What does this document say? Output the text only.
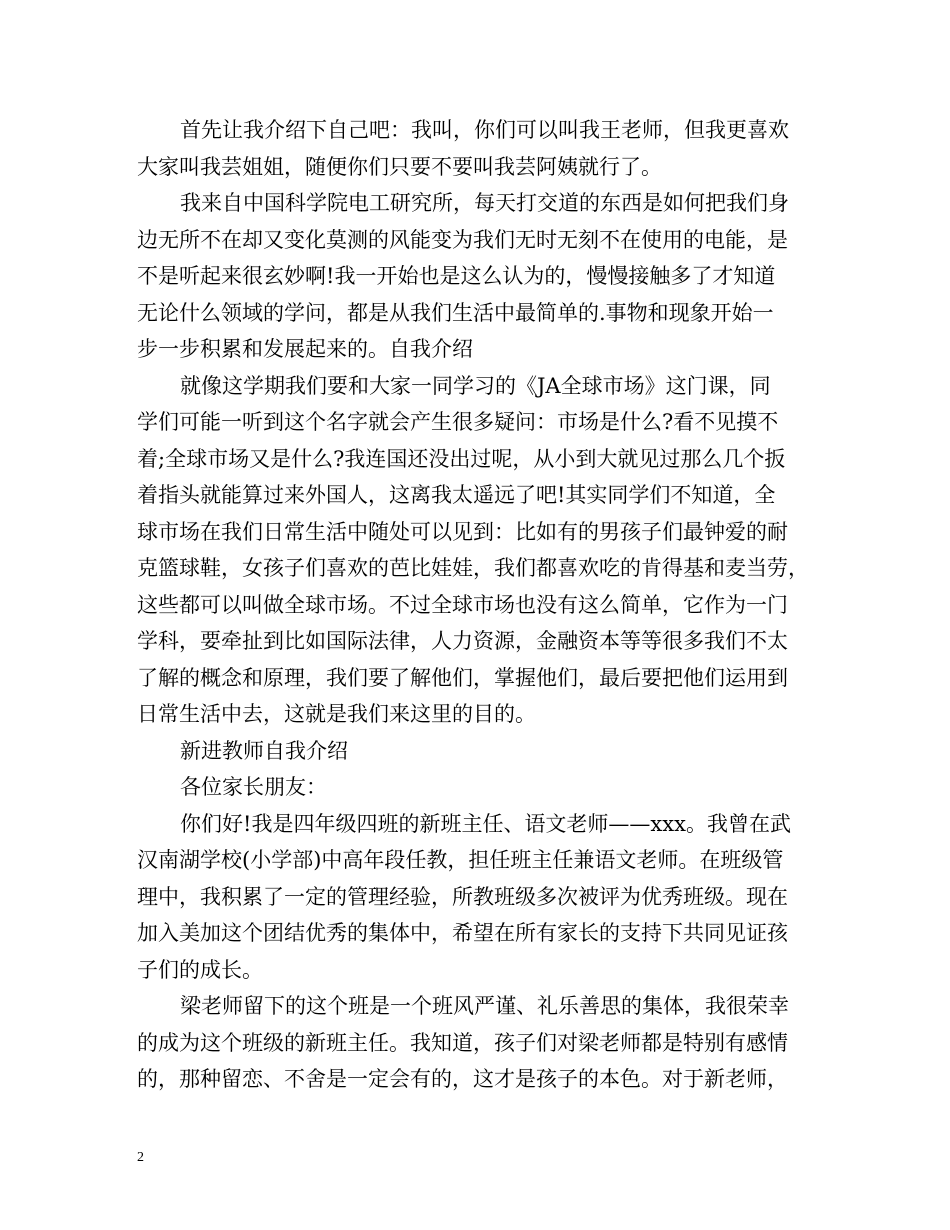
首先让我介绍下自己吧：我叫，你们可以叫我王老师，但我更喜欢
大家叫我芸姐姐，随便你们只要不要叫我芸阿姨就行了。
我来自中国科学院电工研究所，每天打交道的东西是如何把我们身
边无所不在却又变化莫测的风能变为我们无时无刻不在使用的电能，是
不是听起来很玄妙啊!我一开始也是这么认为的，慢慢接触多了才知道
无论什么领域的学问，都是从我们生活中最简单的.事物和现象开始一
步一步积累和发展起来的。自我介绍
就像这学期我们要和大家一同学习的《JA全球市场》这门课，同
学们可能一听到这个名字就会产生很多疑问：市场是什么?看不见摸不
着;全球市场又是什么?我连国还没出过呢，从小到大就见过那么几个扳
着指头就能算过来外国人，这离我太遥远了吧!其实同学们不知道，全
球市场在我们日常生活中随处可以见到：比如有的男孩子们最钟爱的耐
克篮球鞋，女孩子们喜欢的芭比娃娃，我们都喜欢吃的肯得基和麦当劳，
这些都可以叫做全球市场。不过全球市场也没有这么简单，它作为一门
学科，要牵扯到比如国际法律，人力资源，金融资本等等很多我们不太
了解的概念和原理，我们要了解他们，掌握他们，最后要把他们运用到
日常生活中去，这就是我们来这里的目的。
新进教师自我介绍
各位家长朋友：
你们好!我是四年级四班的新班主任、语文老师——xxx。我曾在武
汉南湖学校(小学部)中高年段任教，担任班主任兼语文老师。在班级管
理中，我积累了一定的管理经验，所教班级多次被评为优秀班级。现在
加入美加这个团结优秀的集体中，希望在所有家长的支持下共同见证孩
子们的成长。
梁老师留下的这个班是一个班风严谨、礼乐善思的集体，我很荣幸
的成为这个班级的新班主任。我知道，孩子们对梁老师都是特别有感情
的，那种留恋、不舍是一定会有的，这才是孩子的本色。对于新老师，
2
